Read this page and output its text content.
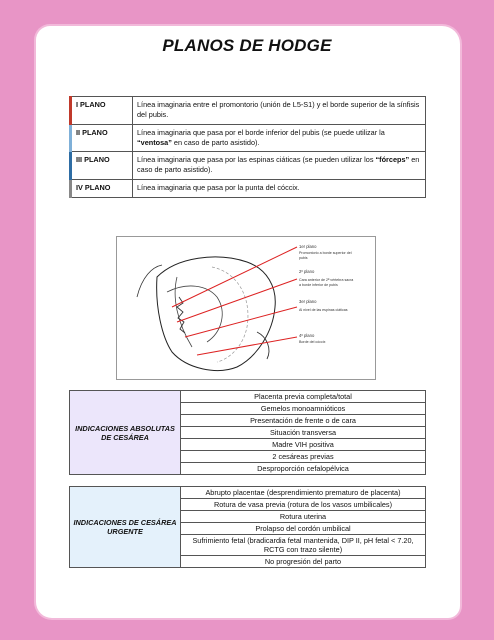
PLANOS DE HODGE
I PLANO	Línea imaginaria entre el promontorio (unión de L5-S1) y el borde superior de la sínfisis del pubis.
II PLANO	Línea imaginaria que pasa por el borde inferior del pubis (se puede utilizar la “ventosa” en caso de parto asistido).
III PLANO	Línea imaginaria que pasa por las espinas ciáticas (se pueden utilizar los “fórceps” en caso de parto asistido).
IV PLANO	Línea imaginaria que pasa por la punta del cóccix.
1er plano
Promontorio a borde superior del
pubis
2º plano
Cara anterior de 2ª vértebra sacra
a borde inferior de pubis
3er plano
Al nivel de las espinas ciáticas
4º plano
Borde del cóccix
INDICACIONES ABSOLUTAS DE CESÁREA	Placenta previa completa/total
Gemelos monoamnióticos
Presentación de frente o de cara
Situación transversa
Madre VIH positiva
2 cesáreas previas
Desproporción cefalopélvica
INDICACIONES DE CESÁREA URGENTE	Abrupto placentae (desprendimiento prematuro de placenta)
Rotura de vasa previa (rotura de los vasos umbilicales)
Rotura uterina
Prolapso del cordón umbilical
Sufrimiento fetal (bradicardia fetal mantenida, DIP II, pH fetal < 7.20, RCTG con trazo silente)
No progresión del parto
